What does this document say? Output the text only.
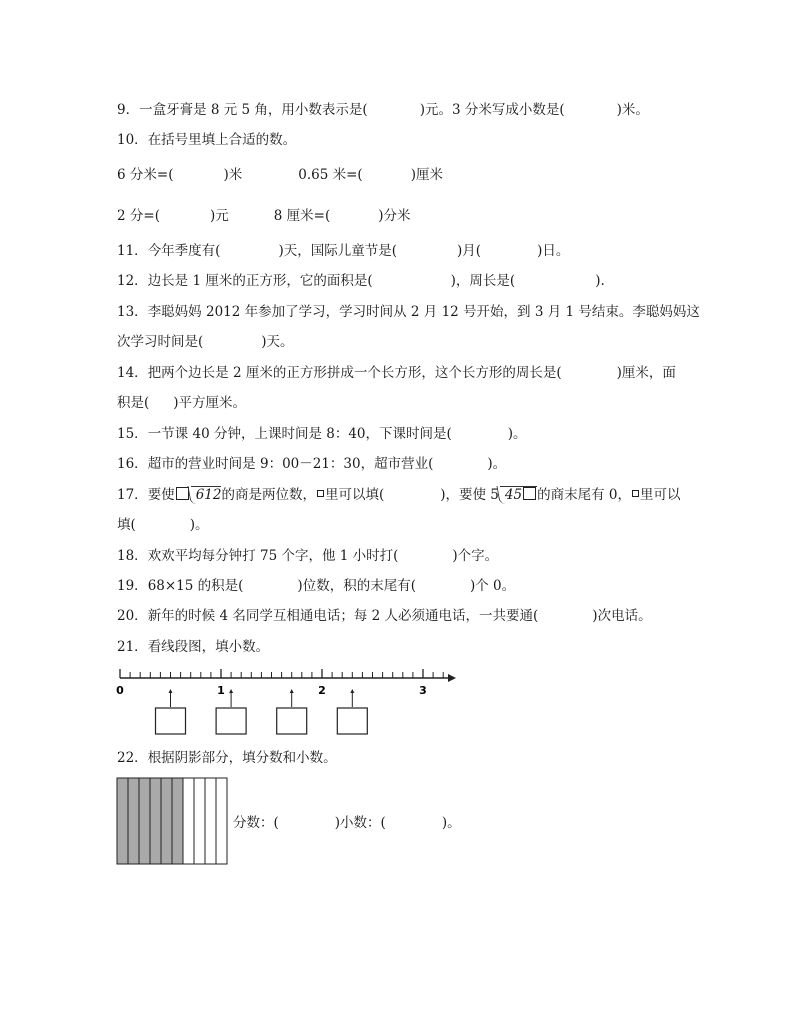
9．一盒牙膏是 8 元 5 角，用小数表示是(	)元。3 分米写成小数是(	)米。
10．在括号里填上合适的数。
6 分米=(	)米	0.65 米=(	)厘米
2 分=(	)元	8 厘米=(	)分米
11．今年季度有(	)天，国际儿童节是(	)月(	)日。
12．边长是 1 厘米的正方形，它的面积是(	)，周长是(	).
13．李聪妈妈 2012 年参加了学习，学习时间从 2 月 12 号开始，到 3 月 1 号结束。李聪妈妈这
次学习时间是(	)天。
14．把两个边长是 2 厘米的正方形拼成一个长方形，这个长方形的周长是(	)厘米，面
积是( )平方厘米。
15．一节课 40 分钟，上课时间是 8：40，下课时间是(	)。
16．超市的营业时间是 9：00－21：30，超市营业(	)。
17．要使 612的商是两位数， 里可以填(	)，要使 5 45 的商末尾有 0， 里可以
填(	)。
18．欢欢平均每分钟打 75 个字，他 1 小时打(	)个字。
19．68×15 的积是(	)位数，积的末尾有(	)个 0。
20．新年的时候 4 名同学互相通电话；每 2 人必须通电话，一共要通(	)次电话。
21．看线段图，填小数。
0	1	2	3
22．根据阴影部分，填分数和小数。
分数：(	)小数：(	)。
